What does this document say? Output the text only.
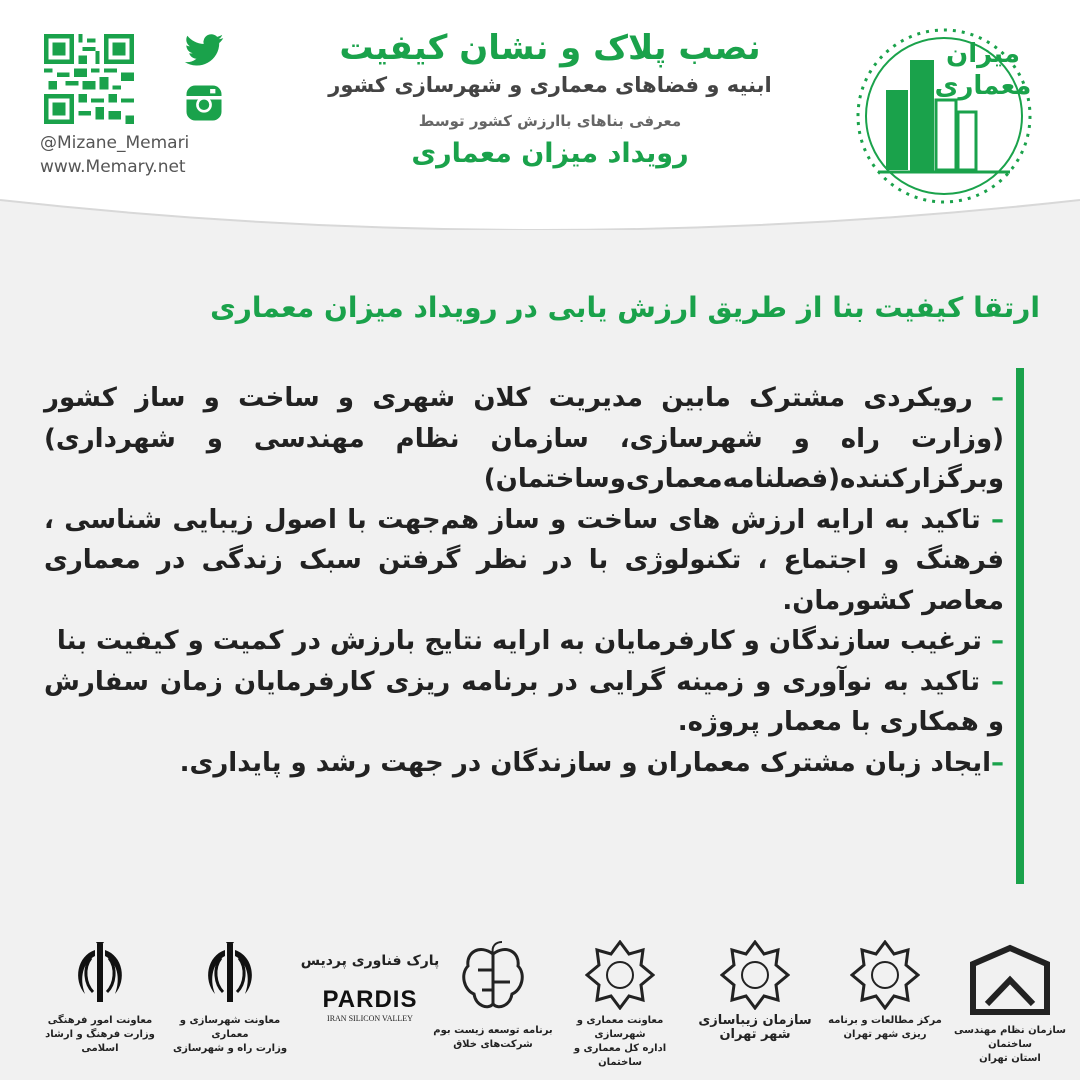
میزان معماری
نصب پلاک و نشان کیفیت
ابنیه و فضاهای معماری و شهرسازی کشور
معرفی بناهای باارزش کشور توسط
رویداد میزان معماری
@Mizane_Memari
www.Memary.net
ارتقا کیفیت بنا از طریق ارزش یابی در رویداد میزان معماری

– رویکردی مشترک مابین مدیریت کلان شهری و ساخت و ساز کشور (وزارت راه و شهرسازی، سازمان نظام مهندسی و شهرداری) وبرگزارکننده(فصلنامه‌معماری‌وساختمان)

– تاکید به ارایه ارزش های ساخت و ساز هم‌جهت با اصول زیبایی شناسی ، فرهنگ و اجتماع ، تکنولوژی با در نظر گرفتن سبک زندگی در معماری معاصر کشورمان.

– ترغیب سازندگان و کارفرمایان به ارایه نتایج بارزش در کمیت و کیفیت بنا

– تاکید به نوآوری و زمینه گرایی در برنامه ریزی کارفرمایان زمان سفارش و همکاری با معمار پروژه.

–ایجاد زبان مشترک معماران و سازندگان در جهت رشد و پایداری.

سازمان نظام مهندسی ساختمان
استان تهران
مرکز مطالعات و برنامه ریزی شهر تهران
سازمان زیباسازی شهر تهران
معاونت معماری و شهرسازی
اداره کل معماری و ساختمان
برنامه توسعه زیست بوم
شرکت‌های خلاق
پارک فناوری پردیس
PARDIS
IRAN SILICON VALLEY
معاونت شهرسازی و معماری
وزارت راه و شهرسازی
معاونت امور فرهنگی
وزارت فرهنگ و ارشاد اسلامی
